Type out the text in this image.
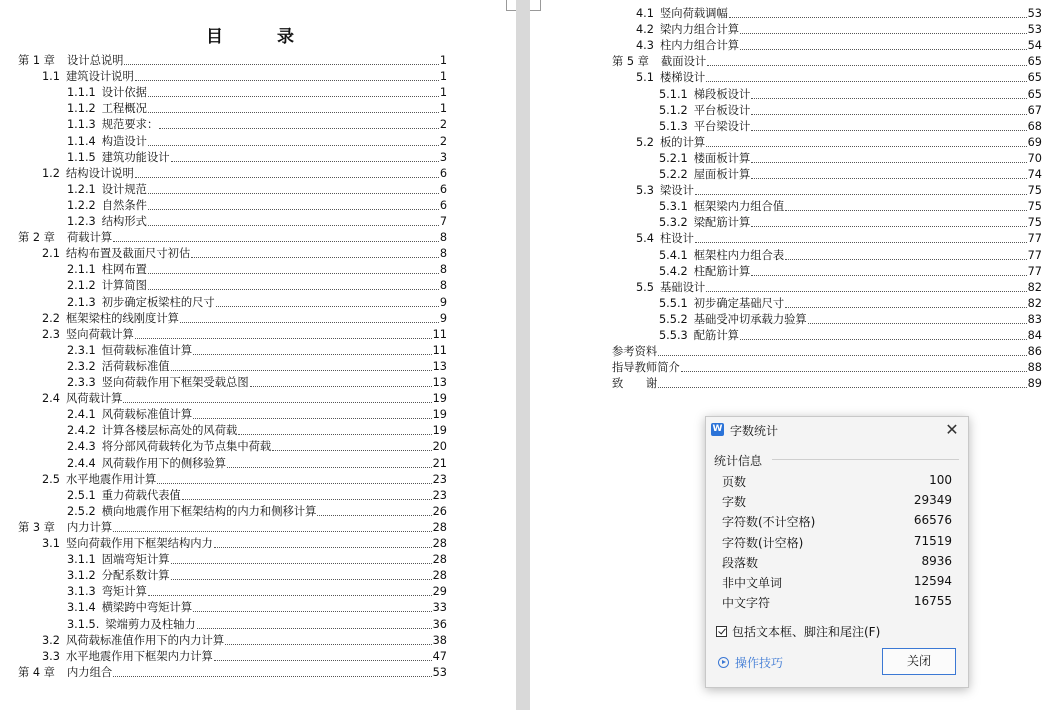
目 录
第 1 章	设计总说明	1
1.1 建筑设计说明	1
1.1.1 设计依据	1
1.1.2 工程概况	1
1.1.3 规范要求：	2
1.1.4 构造设计	2
1.1.5 建筑功能设计	3
1.2 结构设计说明	6
1.2.1 设计规范	6
1.2.2 自然条件	6
1.2.3 结构形式	7
第 2 章	荷载计算	8
2.1 结构布置及截面尺寸初估	8
2.1.1 柱网布置	8
2.1.2 计算简图	8
2.1.3 初步确定板梁柱的尺寸	9
2.2 框架梁柱的线刚度计算	9
2.3 竖向荷载计算	11
2.3.1 恒荷载标准值计算	11
2.3.2 活荷载标准值	13
2.3.3 竖向荷载作用下框架受载总图	13
2.4 风荷载计算	19
2.4.1 风荷载标准值计算	19
2.4.2 计算各楼层标高处的风荷载	19
2.4.3 将分部风荷载转化为节点集中荷载	20
2.4.4 风荷载作用下的侧移验算	21
2.5 水平地震作用计算	23
2.5.1 重力荷载代表值	23
2.5.2 横向地震作用下框架结构的内力和侧移计算	26
第 3 章	内力计算	28
3.1 竖向荷载作用下框架结构内力	28
3.1.1 固端弯矩计算	28
3.1.2 分配系数计算	28
3.1.3 弯矩计算	29
3.1.4 横梁跨中弯矩计算	33
3.1.5. 梁端剪力及柱轴力	36
3.2 风荷载标准值作用下的内力计算	38
3.3 水平地震作用下框架内力计算	47
第 4 章	内力组合	53
4.1 竖向荷载调幅	53
4.2 梁内力组合计算	53
4.3 柱内力组合计算	54
第 5 章	截面设计	65
5.1 楼梯设计	65
5.1.1 梯段板设计	65
5.1.2 平台板设计	67
5.1.3 平台梁设计	68
5.2 板的计算	69
5.2.1 楼面板计算	70
5.2.2 屋面板计算	74
5.3 梁设计	75
5.3.1 框架梁内力组合值	75
5.3.2 梁配筋计算	75
5.4 柱设计	77
5.4.1 框架柱内力组合表	77
5.4.2 柱配筋计算	77
5.5 基础设计	82
5.5.1 初步确定基础尺寸	82
5.5.2 基础受冲切承载力验算	83
5.5.3 配筋计算	84
参考资料	86
指导教师简介	88
致　　谢	89
W 字数统计	✕
统计信息
页数	100
字数	29349
字符数(不计空格)	66576
字符数(计空格)	71519
段落数	8936
非中文单词	12594
中文字符	16755
包括文本框、脚注和尾注(F)
操作技巧	关闭
